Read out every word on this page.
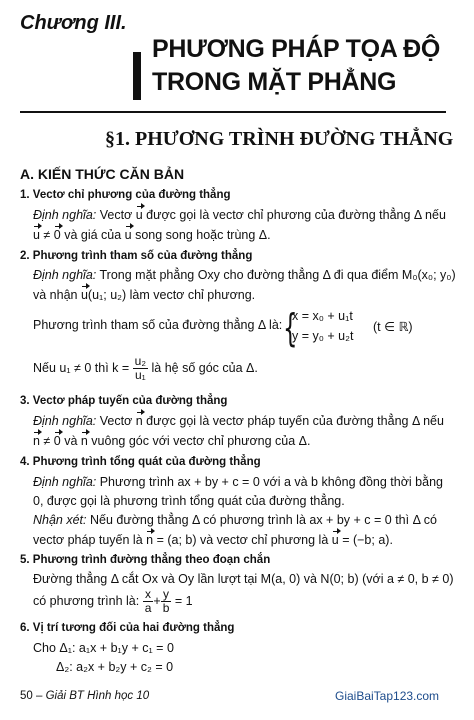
Chương III.
PHƯƠNG PHÁP TỌA ĐỘ
TRONG MẶT PHẲNG
§1. PHƯƠNG TRÌNH ĐƯỜNG THẲNG
A. KIẾN THỨC CĂN BẢN
1. Vectơ chỉ phương của đường thẳng
Định nghĩa: Vectơ u được gọi là vectơ chỉ phương của đường thẳng Δ nếu
u ≠ 0 và giá của u song song hoặc trùng Δ.
2. Phương trình tham số của đường thẳng
Định nghĩa: Trong mặt phẳng Oxy cho đường thẳng Δ đi qua điểm M₀(x₀; y₀)
và nhận u(u₁; u₂) làm vectơ chỉ phương.
Phương trình tham số của đường thẳng Δ là: {
x = x₀ + u₁t
y = y₀ + u₂t
(t ∈ ℝ)
Nếu u₁ ≠ 0 thì $k = \frac{\text{u₂}}{\text{u₁}}$ là hệ số góc của Δ.
3. Vectơ pháp tuyến của đường thẳng
Định nghĩa: Vectơ n được gọi là vectơ pháp tuyến của đường thẳng Δ nếu
n ≠ 0 và n vuông góc với vectơ chỉ phương của Δ.
4. Phương trình tổng quát của đường thẳng
Định nghĩa: Phương trình ax + by + c = 0 với a và b không đồng thời bằng
0, được gọi là phương trình tổng quát của đường thẳng.
Nhận xét: Nếu đường thẳng Δ có phương trình là ax + by + c = 0 thì Δ có
vectơ pháp tuyến là n = (a; b) và vectơ chỉ phương là u = (−b; a).
5. Phương trình đường thẳng theo đoạn chắn
Đường thẳng Δ cắt Ox và Oy lần lượt tại M(a, 0) và N(0; b) (với a ≠ 0, b ≠ 0)
có phương trình là: $\frac{x}{a} + \frac{y}{b} = 1$
6. Vị trí tương đối của hai đường thẳng
Cho Δ₁: a₁x + b₁y + c₁ = 0
Δ₂: a₂x + b₂y + c₂ = 0
50 – Giải BT Hình học 10	GiaiBaiTap123.com
